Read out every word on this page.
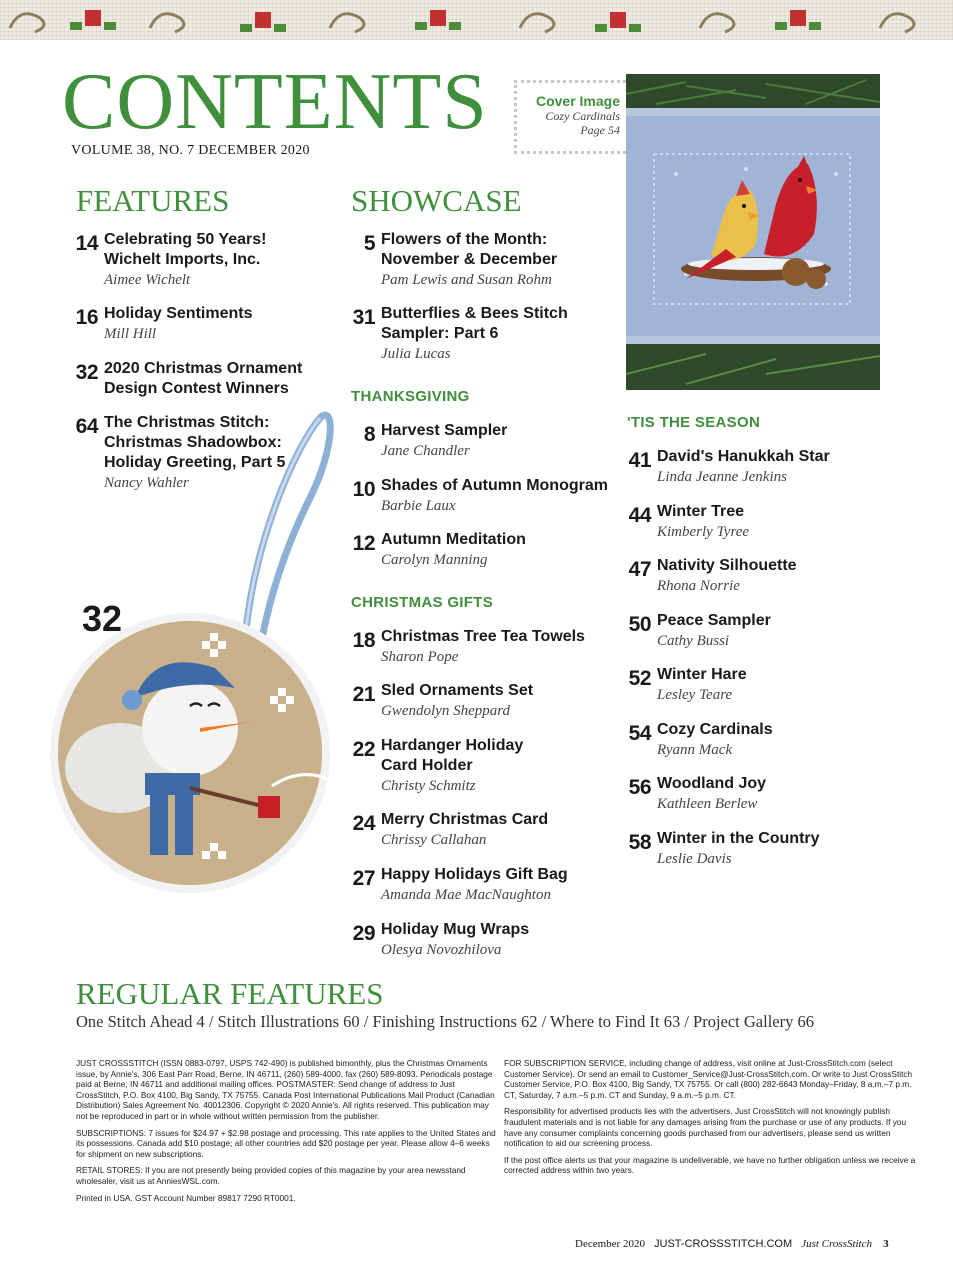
CONTENTS
VOLUME 38, NO. 7 DECEMBER 2020
Cover Image
Cozy Cardinals
Page 54
FEATURES
14 Celebrating 50 Years! Wichelt Imports, Inc.
Aimee Wichelt
16 Holiday Sentiments
Mill Hill
32 2020 Christmas Ornament Design Contest Winners
64 The Christmas Stitch: Christmas Shadowbox: Holiday Greeting, Part 5
Nancy Wahler
32
SHOWCASE
5 Flowers of the Month: November & December
Pam Lewis and Susan Rohm
31 Butterflies & Bees Stitch Sampler: Part 6
Julia Lucas
THANKSGIVING
8 Harvest Sampler
Jane Chandler
10 Shades of Autumn Monogram
Barbie Laux
12 Autumn Meditation
Carolyn Manning
CHRISTMAS GIFTS
18 Christmas Tree Tea Towels
Sharon Pope
21 Sled Ornaments Set
Gwendolyn Sheppard
22 Hardanger Holiday Card Holder
Christy Schmitz
24 Merry Christmas Card
Chrissy Callahan
27 Happy Holidays Gift Bag
Amanda Mae MacNaughton
29 Holiday Mug Wraps
Olesya Novozhilova
'TIS THE SEASON
41 David's Hanukkah Star
Linda Jeanne Jenkins
44 Winter Tree
Kimberly Tyree
47 Nativity Silhouette
Rhona Norrie
50 Peace Sampler
Cathy Bussi
52 Winter Hare
Lesley Teare
54 Cozy Cardinals
Ryann Mack
56 Woodland Joy
Kathleen Berlew
58 Winter in the Country
Leslie Davis
REGULAR FEATURES
One Stitch Ahead 4 / Stitch Illustrations 60 / Finishing Instructions 62 / Where to Find It 63 / Project Gallery 66

JUST CROSSSTITCH (ISSN 0883-0797, USPS 742-490) is published bimonthly, plus the Christmas Ornaments issue, by Annie's, 306 East Parr Road, Berne, IN 46711, (260) 589-4000, fax (260) 589-8093. Periodicals postage paid at Berne, IN 46711 and additional mailing offices. POSTMASTER: Send change of address to Just CrossStitch, P.O. Box 4100, Big Sandy, TX 75755. Canada Post International Publications Mail Product (Canadian Distribution) Sales Agreement No. 40012306. Copyright © 2020 Annie's. All rights reserved. This publication may not be reproduced in part or in whole without written permission from the publisher.

SUBSCRIPTIONS: 7 issues for $24.97 + $2.98 postage and processing. This rate applies to the United States and its possessions. Canada add $10 postage; all other countries add $20 postage per year. Please allow 4–6 weeks for shipment on new subscriptions.

RETAIL STORES: If you are not presently being provided copies of this magazine by your area newsstand wholesaler, visit us at AnniesWSL.com.

Printed in USA. GST Account Number 89817 7290 RT0001.

FOR SUBSCRIPTION SERVICE, including change of address, visit online at Just-CrossStitch.com (select Customer Service). Or send an email to Customer_Service@Just-CrossStitch.com. Or write to Just CrossStitch Customer Service, P.O. Box 4100, Big Sandy, TX 75755. Or call (800) 282-6643 Monday–Friday, 8 a.m.–7 p.m. CT, Saturday, 7 a.m.–5 p.m. CT and Sunday, 9 a.m.–5 p.m. CT.

Responsibility for advertised products lies with the advertisers. Just CrossStitch will not knowingly publish fraudulent materials and is not liable for any damages arising from the purchase or use of any products. If you have any consumer complaints concerning goods purchased from our advertisers, please send us written notification to aid our screening process.

If the post office alerts us that your magazine is undeliverable, we have no further obligation unless we receive a corrected address within two years.

December 2020 JUST-CROSSSTITCH.COM Just CrossStitch 3
